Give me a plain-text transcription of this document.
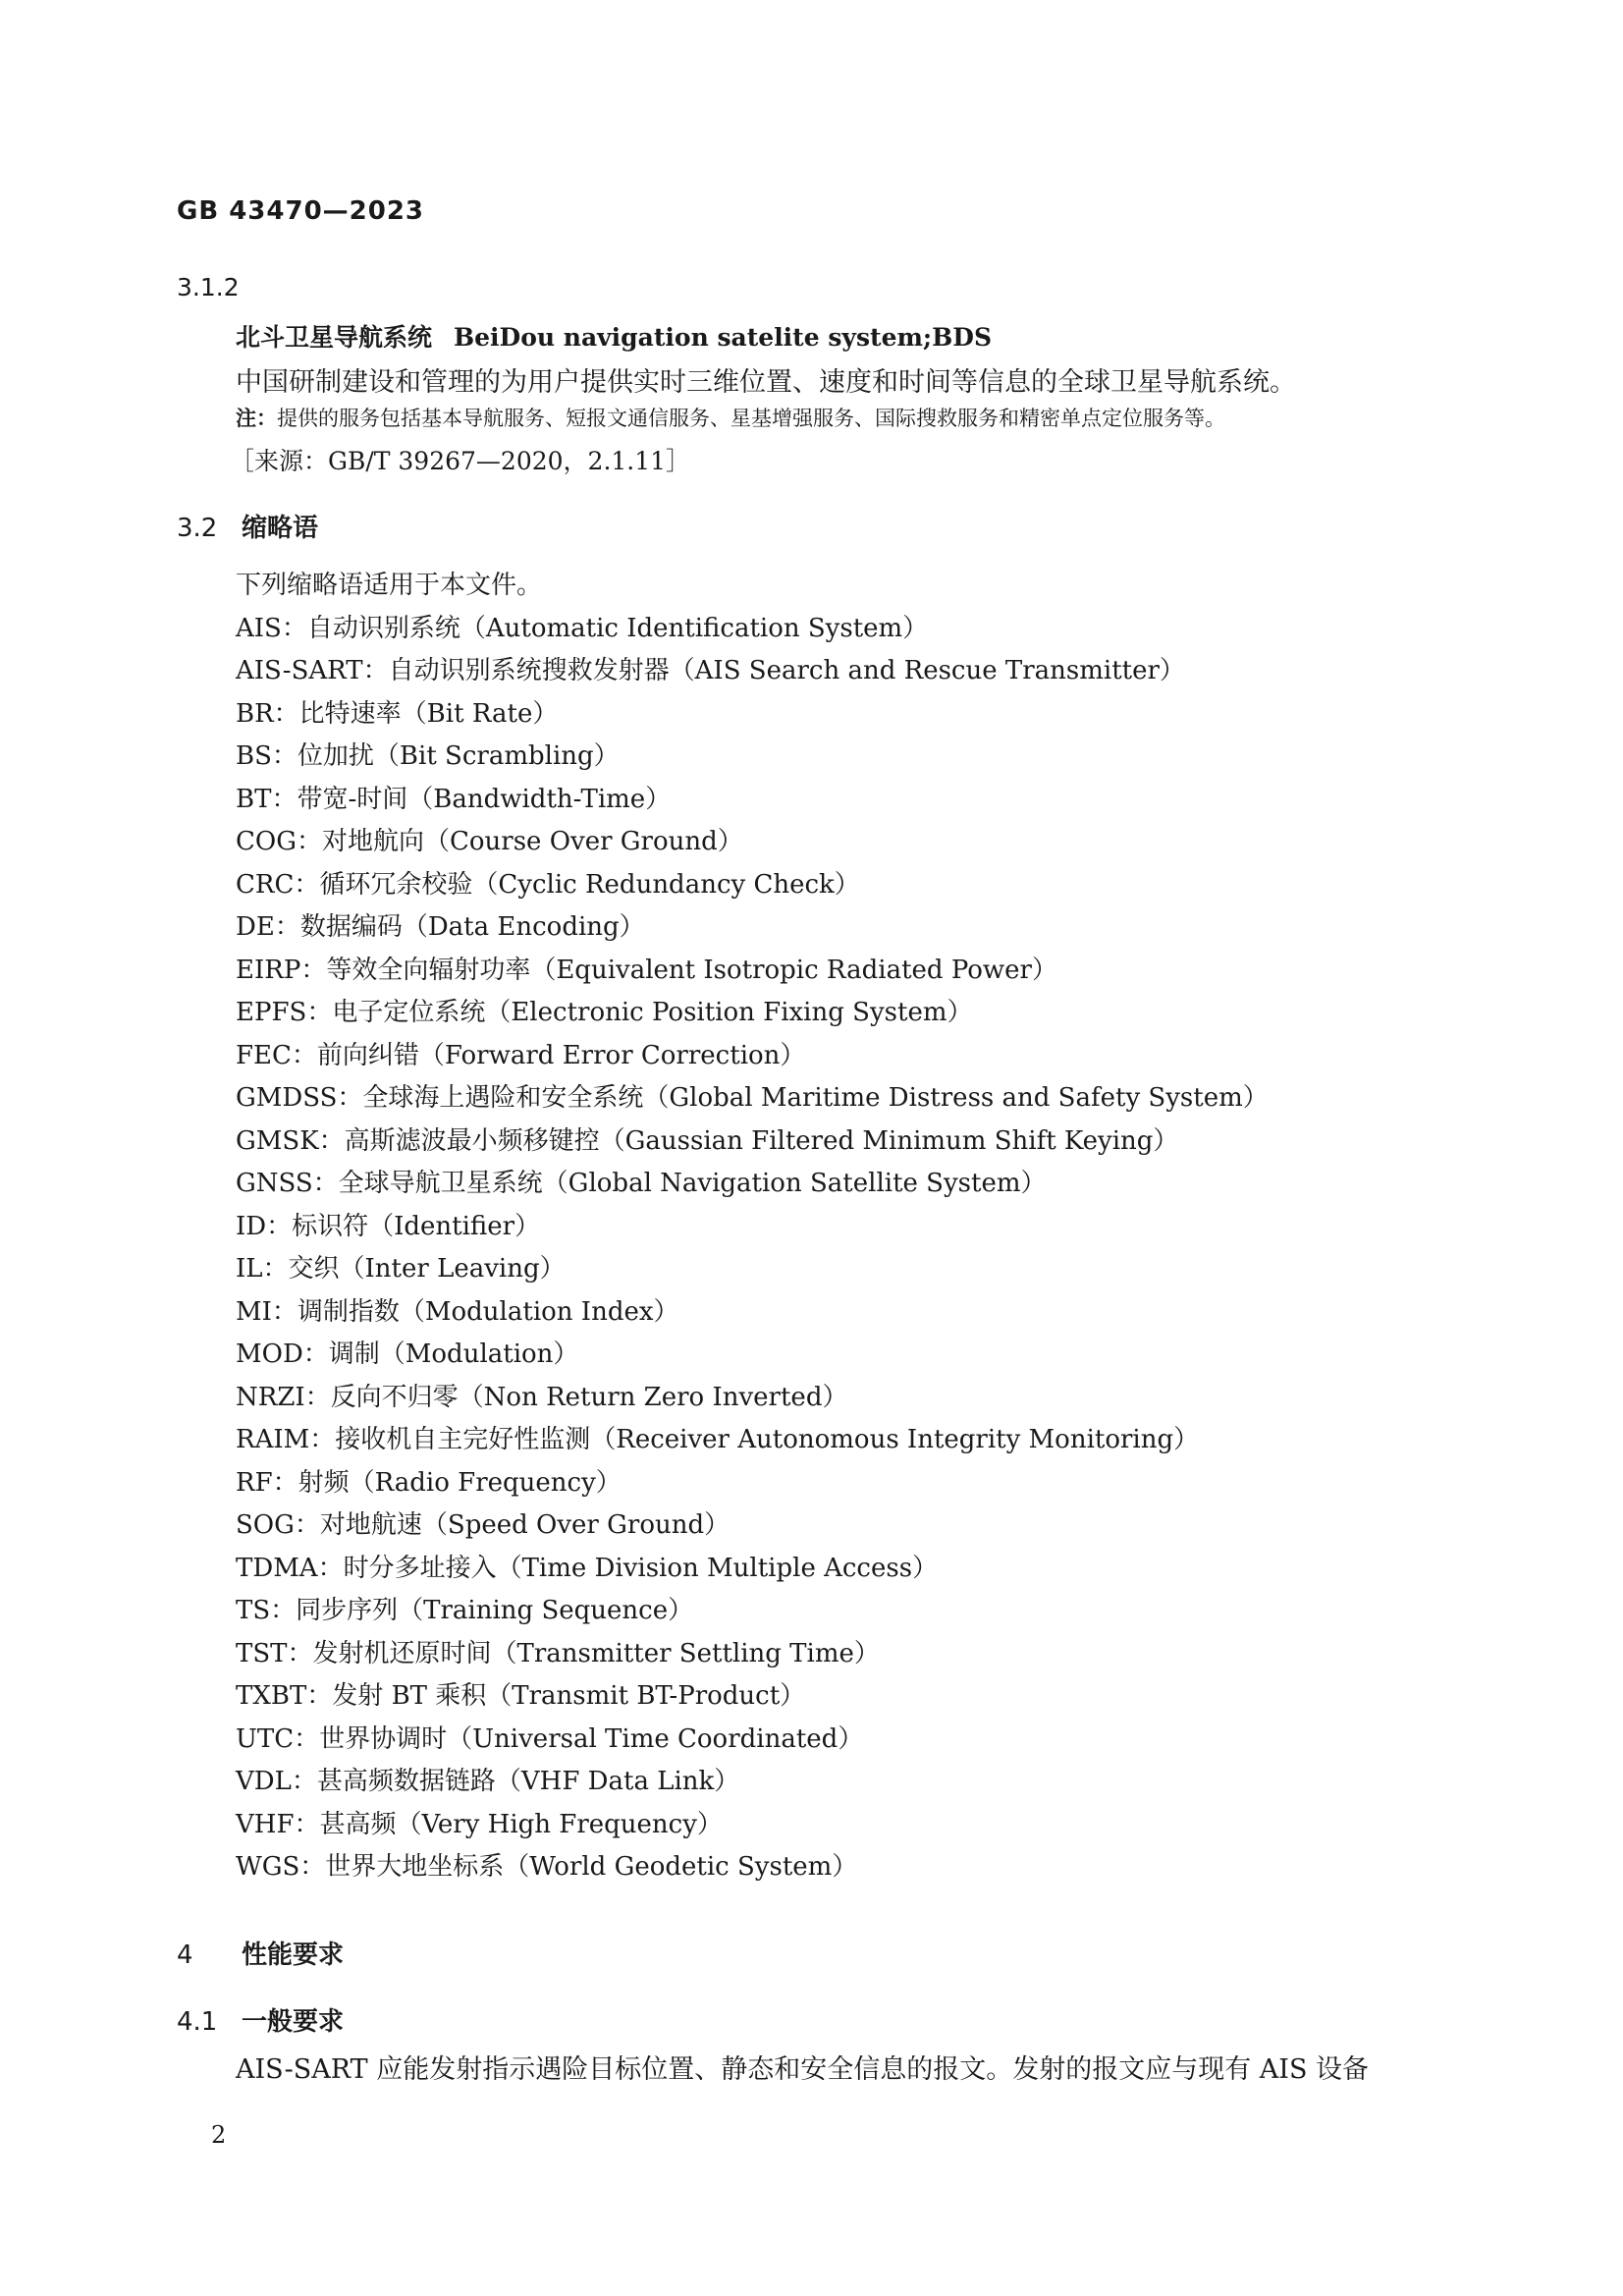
GB 43470—2023
3.1.2
北斗卫星导航系统 BeiDou navigation satelite system;BDS
中国研制建设和管理的为用户提供实时三维位置、速度和时间等信息的全球卫星导航系统。
注：提供的服务包括基本导航服务、短报文通信服务、星基增强服务、国际搜救服务和精密单点定位服务等。
［来源：GB/T 39267—2020，2.1.11］
3.2 缩略语
下列缩略语适用于本文件。
AIS：自动识别系统（Automatic Identification System）
AIS-SART：自动识别系统搜救发射器（AIS Search and Rescue Transmitter）
BR：比特速率（Bit Rate）
BS：位加扰（Bit Scrambling）
BT：带宽-时间（Bandwidth-Time）
COG：对地航向（Course Over Ground）
CRC：循环冗余校验（Cyclic Redundancy Check）
DE：数据编码（Data Encoding）
EIRP：等效全向辐射功率（Equivalent Isotropic Radiated Power）
EPFS：电子定位系统（Electronic Position Fixing System）
FEC：前向纠错（Forward Error Correction）
GMDSS：全球海上遇险和安全系统（Global Maritime Distress and Safety System）
GMSK：高斯滤波最小频移键控（Gaussian Filtered Minimum Shift Keying）
GNSS：全球导航卫星系统（Global Navigation Satellite System）
ID：标识符（Identifier）
IL：交织（Inter Leaving）
MI：调制指数（Modulation Index）
MOD：调制（Modulation）
NRZI：反向不归零（Non Return Zero Inverted）
RAIM：接收机自主完好性监测（Receiver Autonomous Integrity Monitoring）
RF：射频（Radio Frequency）
SOG：对地航速（Speed Over Ground）
TDMA：时分多址接入（Time Division Multiple Access）
TS：同步序列（Training Sequence）
TST：发射机还原时间（Transmitter Settling Time）
TXBT：发射 BT 乘积（Transmit BT-Product）
UTC：世界协调时（Universal Time Coordinated）
VDL：甚高频数据链路（VHF Data Link）
VHF：甚高频（Very High Frequency）
WGS：世界大地坐标系（World Geodetic System）
4 性能要求
4.1 一般要求
AIS-SART 应能发射指示遇险目标位置、静态和安全信息的报文。发射的报文应与现有 AIS 设备
2
